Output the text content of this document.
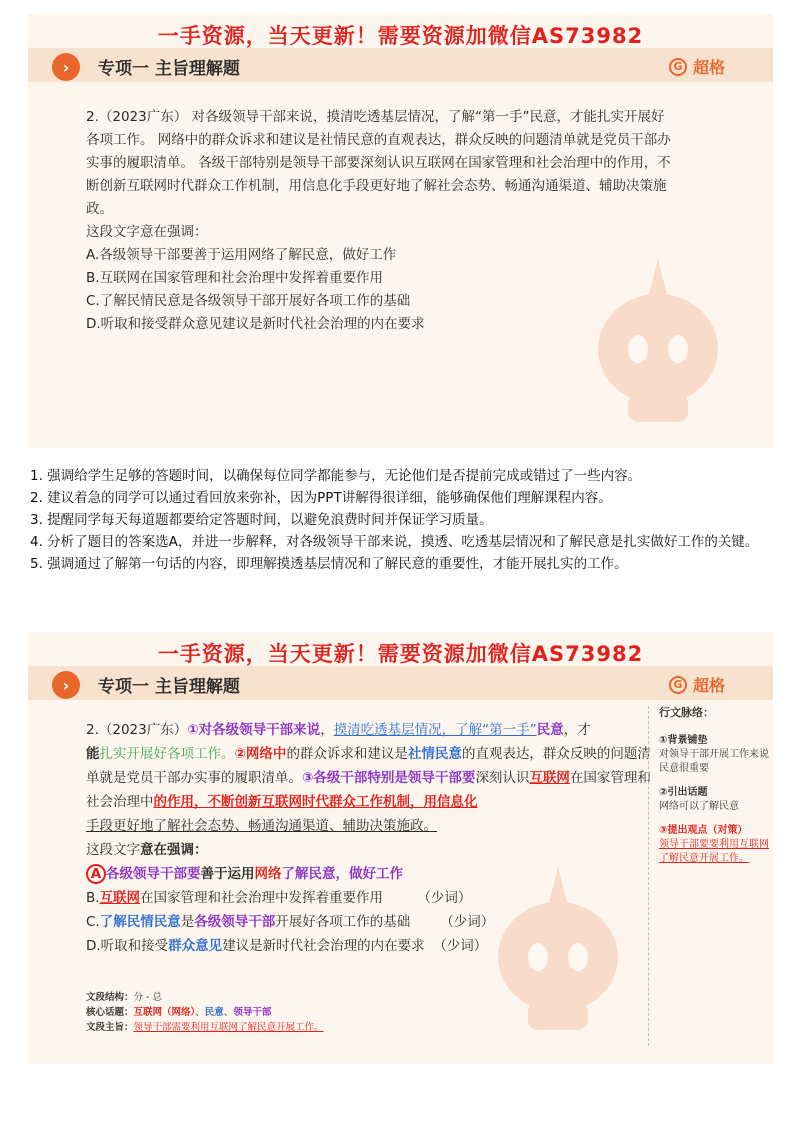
一手资源，当天更新！需要资源加微信AS73982
›	专项一 主旨理解题	G 超格

2.（2023广东） 对各级领导干部来说，摸清吃透基层情况，了解“第一手”民意，才能扎实开展好各项工作。 网络中的群众诉求和建议是社情民意的直观表达，群众反映的问题清单就是党员干部办实事的履职清单。 各级干部特别是领导干部要深刻认识互联网在国家管理和社会治理中的作用，不断创新互联网时代群众工作机制，用信息化手段更好地了解社会态势、畅通沟通渠道、辅助决策施政。

这段文字意在强调：

A.各级领导干部要善于运用网络了解民意，做好工作
B.互联网在国家管理和社会治理中发挥着重要作用
C.了解民情民意是各级领导干部开展好各项工作的基础
D.听取和接受群众意见建议是新时代社会治理的内在要求
1. 强调给学生足够的答题时间，以确保每位同学都能参与，无论他们是否提前完成或错过了一些内容。
2. 建议着急的同学可以通过看回放来弥补，因为PPT讲解得很详细，能够确保他们理解课程内容。
3. 提醒同学每天每道题都要给定答题时间，以避免浪费时间并保证学习质量。
4. 分析了题目的答案选A，并进一步解释，对各级领导干部来说，摸透、吃透基层情况和了解民意是扎实做好工作的关键。
5. 强调通过了解第一句话的内容，即理解摸透基层情况和了解民意的重要性，才能开展扎实的工作。
一手资源，当天更新！需要资源加微信AS73982
›	专项一 主旨理解题	G 超格
2.（2023广东）①对各级领导干部来说，摸清吃透基层情况，了解“第一手”民意，才
能扎实开展好各项工作。②网络中的群众诉求和建议是社情民意的直观表达，群众反映的问题清单就是党员干部办实事的履职清单。③各级干部特别是领导干部要深刻认识互联网在国家管理和社会治理中的作用，不断创新互联网时代群众工作机制，用信息化
手段更好地了解社会态势、畅通沟通渠道、辅助决策施政。
这段文字意在强调：
A 各级领导干部要善于运用网络了解民意，做好工作
B.互联网在国家管理和社会治理中发挥着重要作用	（少词）
C.了解民情民意是各级领导干部开展好各项工作的基础 （少词）
D.听取和接受群众意见建议是新时代社会治理的内在要求 （少词）
行文脉络：
①背景铺垫
对领导干部开展工作来说民意很重要
②引出话题
网络可以了解民意
③提出观点（对策）
领导干部要要利用互联网了解民意开展工作。
文段结构：分 - 总
核心话题：互联网（网络）、民意、领导干部
文段主旨：领导干部需要利用互联网了解民意开展工作。
